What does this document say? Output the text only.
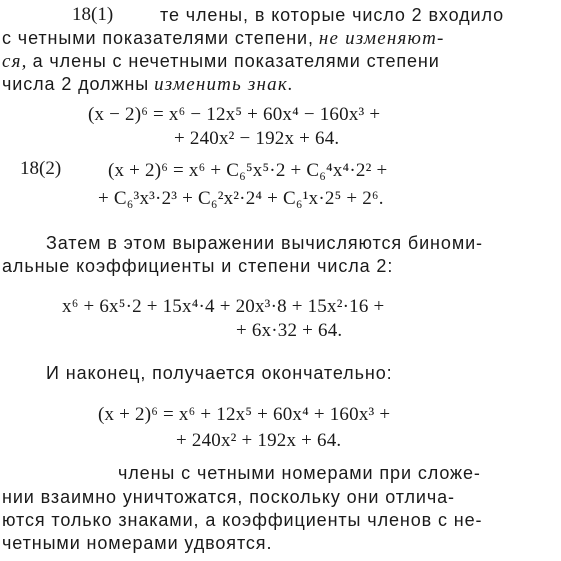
18(1)	те члены, в которые число 2 входило
с четными показателями степени, не изменяют-
ся, а члены с нечетными показателями степени
числа 2 должны изменить знак.
(x − 2)⁶ = x⁶ − 12x⁵ + 60x⁴ − 160x³ +
+ 240x² − 192x + 64.
18(2) (x + 2)⁶ = x⁶ + C₆⁵x⁵·2 + C₆⁴x⁴·2² +
+ C₆³x³·2³ + C₆²x²·2⁴ + C₆¹x·2⁵ + 2⁶.
Затем в этом выражении вычисляются биноми-
альные коэффициенты и степени числа 2:
x⁶ + 6x⁵·2 + 15x⁴·4 + 20x³·8 + 15x²·16 +
+ 6x·32 + 64.
И наконец, получается окончательно:
(x + 2)⁶ = x⁶ + 12x⁵ + 60x⁴ + 160x³ +
+ 240x² + 192x + 64.
члены с четными номерами при сложе-
нии взаимно уничтожатся, поскольку они отлича-
ются только знаками, а коэффициенты членов с не-
четными номерами удвоятся.
